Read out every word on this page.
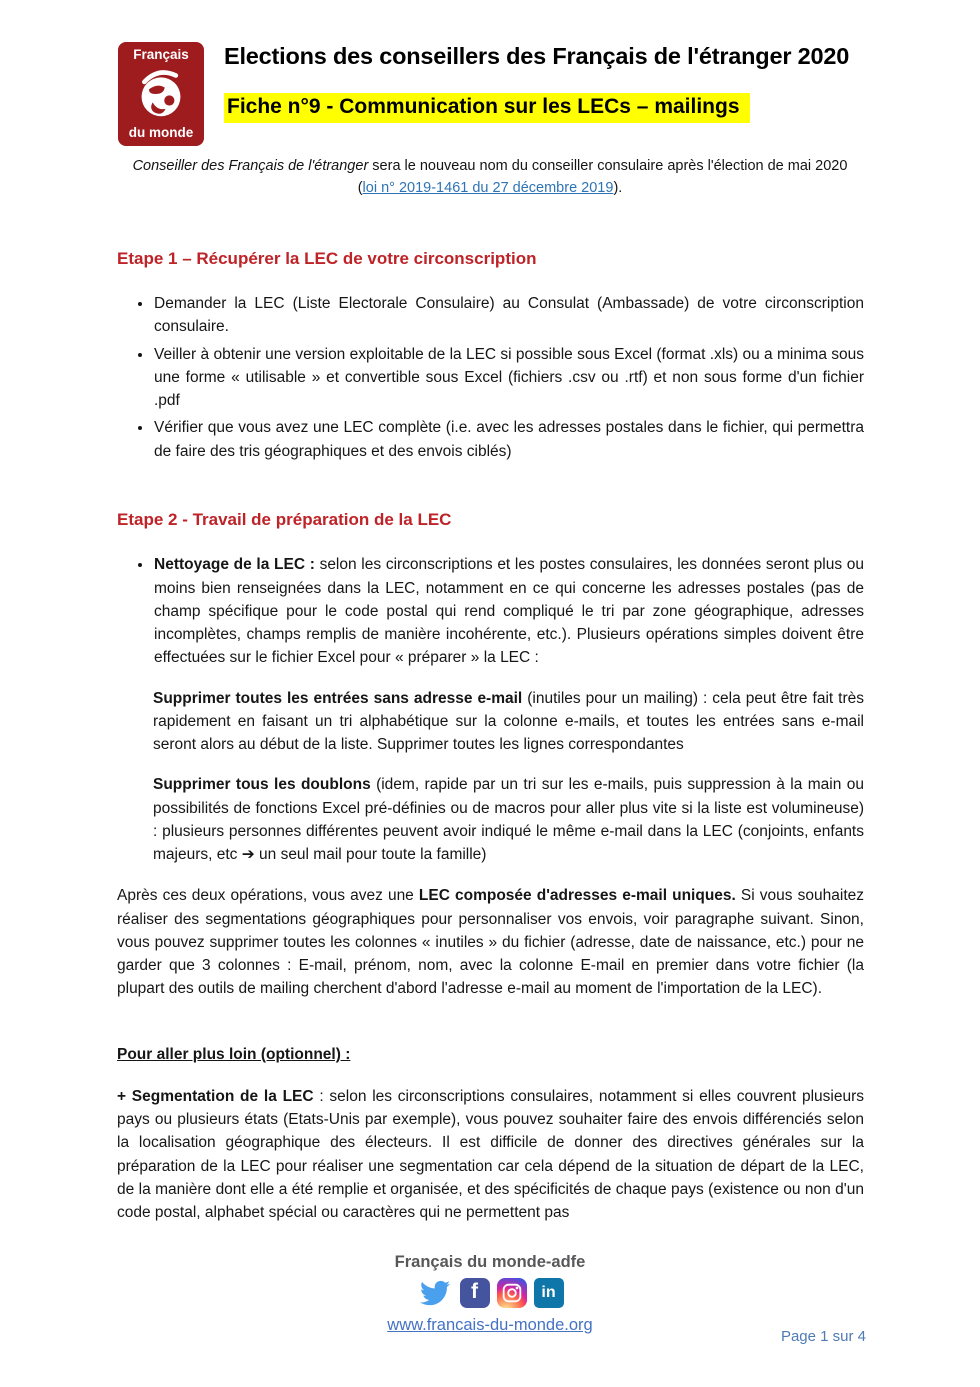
Français
du monde
Elections des conseillers des Français de l'étranger 2020
Fiche n°9 - Communication sur les LECs – mailings

Conseiller des Français de l'étranger sera le nouveau nom du conseiller consulaire après l'élection de mai 2020
(loi n° 2019-1461 du 27 décembre 2019).

Etape 1 – Récupérer la LEC de votre circonscription
• Demander la LEC (Liste Electorale Consulaire) au Consulat (Ambassade) de votre circonscription consulaire.
• Veiller à obtenir une version exploitable de la LEC si possible sous Excel (format .xls) ou a minima sous une forme « utilisable » et convertible sous Excel (fichiers .csv ou .rtf) et non sous forme d'un fichier .pdf
• Vérifier que vous avez une LEC complète (i.e. avec les adresses postales dans le fichier, qui permettra de faire des tris géographiques et des envois ciblés)
Etape 2 - Travail de préparation de la LEC
• Nettoyage de la LEC : selon les circonscriptions et les postes consulaires, les données seront plus ou moins bien renseignées dans la LEC, notamment en ce qui concerne les adresses postales (pas de champ spécifique pour le code postal qui rend compliqué le tri par zone géographique, adresses incomplètes, champs remplis de manière incohérente, etc.). Plusieurs opérations simples doivent être effectuées sur le fichier Excel pour « préparer » la LEC :

Supprimer toutes les entrées sans adresse e-mail (inutiles pour un mailing) : cela peut être fait très rapidement en faisant un tri alphabétique sur la colonne e-mails, et toutes les entrées sans e-mail seront alors au début de la liste. Supprimer toutes les lignes correspondantes

Supprimer tous les doublons (idem, rapide par un tri sur les e-mails, puis suppression à la main ou possibilités de fonctions Excel pré-définies ou de macros pour aller plus vite si la liste est volumineuse) : plusieurs personnes différentes peuvent avoir indiqué le même e-mail dans la LEC (conjoints, enfants majeurs, etc ➔ un seul mail pour toute la famille)

Après ces deux opérations, vous avez une LEC composée d'adresses e-mail uniques. Si vous souhaitez réaliser des segmentations géographiques pour personnaliser vos envois, voir paragraphe suivant. Sinon, vous pouvez supprimer toutes les colonnes « inutiles » du fichier (adresse, date de naissance, etc.) pour ne garder que 3 colonnes : E-mail, prénom, nom, avec la colonne E-mail en premier dans votre fichier (la plupart des outils de mailing cherchent d'abord l'adresse e-mail au moment de l'importation de la LEC).

Pour aller plus loin (optionnel) :

+ Segmentation de la LEC : selon les circonscriptions consulaires, notamment si elles couvrent plusieurs pays ou plusieurs états (Etats-Unis par exemple), vous pouvez souhaiter faire des envois différenciés selon la localisation géographique des électeurs. Il est difficile de donner des directives générales sur la préparation de la LEC pour réaliser une segmentation car cela dépend de la situation de départ de la LEC, de la manière dont elle a été remplie et organisée, et des spécificités de chaque pays (existence ou non d'un code postal, alphabet spécial ou caractères qui ne permettent pas

Français du monde-adfe
f	in
www.francais-du-monde.org
Page 1 sur 4
